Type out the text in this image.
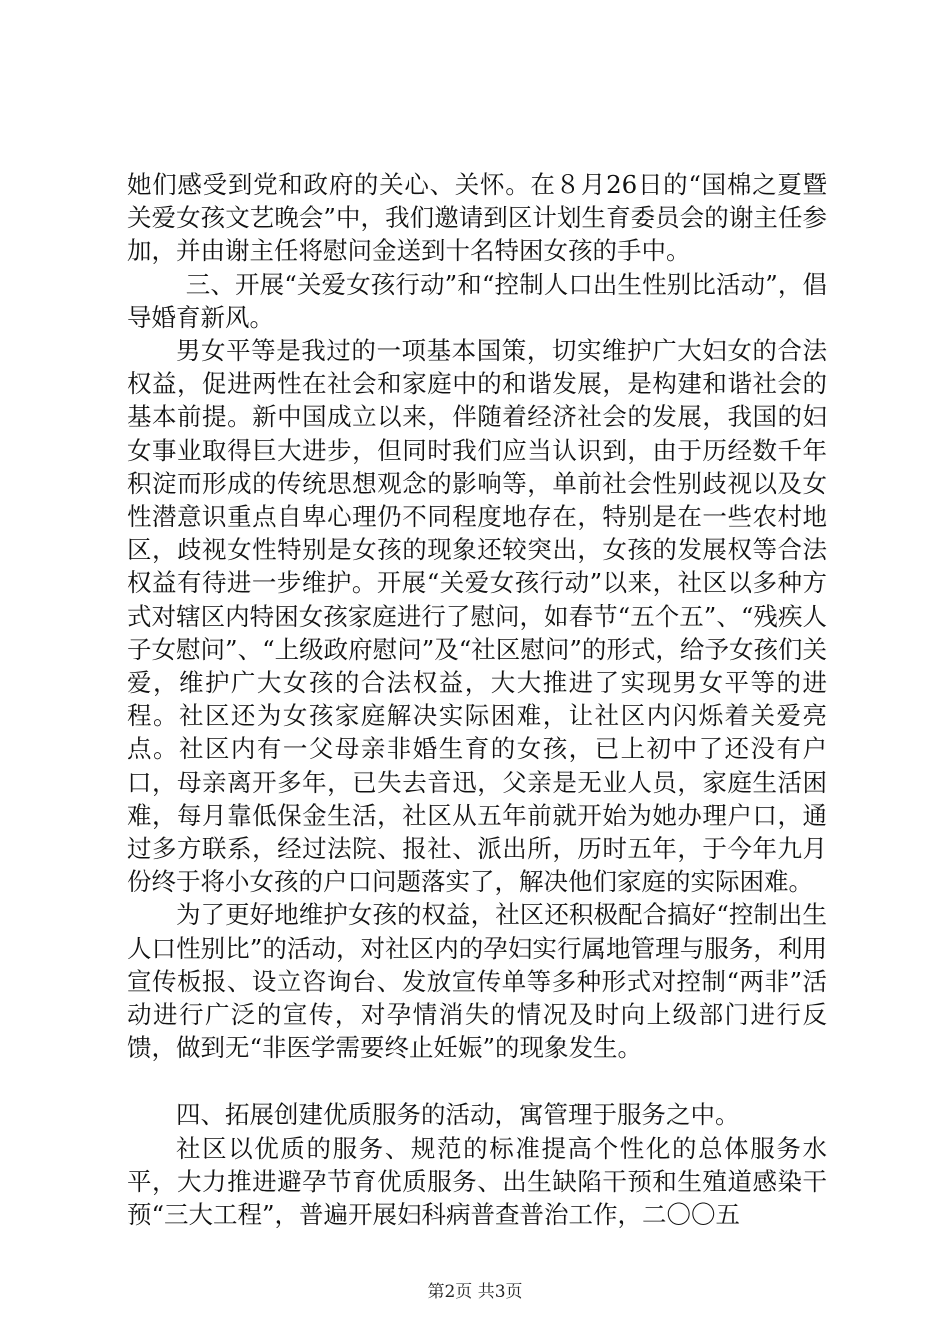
她们感受到党和政府的关心、关怀。在８月26日的“国棉之夏暨关爱女孩文艺晚会”中，我们邀请到区计划生育委员会的谢主任参加，并由谢主任将慰问金送到十名特困女孩的手中。

三、开展“关爱女孩行动”和“控制人口出生性别比活动”，倡导婚育新风。

男女平等是我过的一项基本国策，切实维护广大妇女的合法权益，促进两性在社会和家庭中的和谐发展，是构建和谐社会的基本前提。新中国成立以来，伴随着经济社会的发展，我国的妇女事业取得巨大进步，但同时我们应当认识到，由于历经数千年积淀而形成的传统思想观念的影响等，单前社会性别歧视以及女性潜意识重点自卑心理仍不同程度地存在，特别是在一些农村地区，歧视女性特别是女孩的现象还较突出，女孩的发展权等合法权益有待进一步维护。开展“关爱女孩行动”以来，社区以多种方式对辖区内特困女孩家庭进行了慰问，如春节“五个五”、“残疾人子女慰问”、“上级政府慰问”及“社区慰问”的形式，给予女孩们关爱，维护广大女孩的合法权益，大大推进了实现男女平等的进程。社区还为女孩家庭解决实际困难，让社区内闪烁着关爱亮点。社区内有一父母亲非婚生育的女孩，已上初中了还没有户口，母亲离开多年，已失去音迅，父亲是无业人员，家庭生活困难，每月靠低保金生活，社区从五年前就开始为她办理户口，通过多方联系，经过法院、报社、派出所，历时五年，于今年九月份终于将小女孩的户口问题落实了，解决他们家庭的实际困难。

为了更好地维护女孩的权益，社区还积极配合搞好“控制出生人口性别比”的活动，对社区内的孕妇实行属地管理与服务，利用宣传板报、设立咨询台、发放宣传单等多种形式对控制“两非”活动进行广泛的宣传，对孕情消失的情况及时向上级部门进行反馈，做到无“非医学需要终止妊娠”的现象发生。

四、拓展创建优质服务的活动，寓管理于服务之中。

社区以优质的服务、规范的标准提高个性化的总体服务水平，大力推进避孕节育优质服务、出生缺陷干预和生殖道感染干预“三大工程”，普遍开展妇科病普查普治工作，二〇〇五

第2页 共3页
